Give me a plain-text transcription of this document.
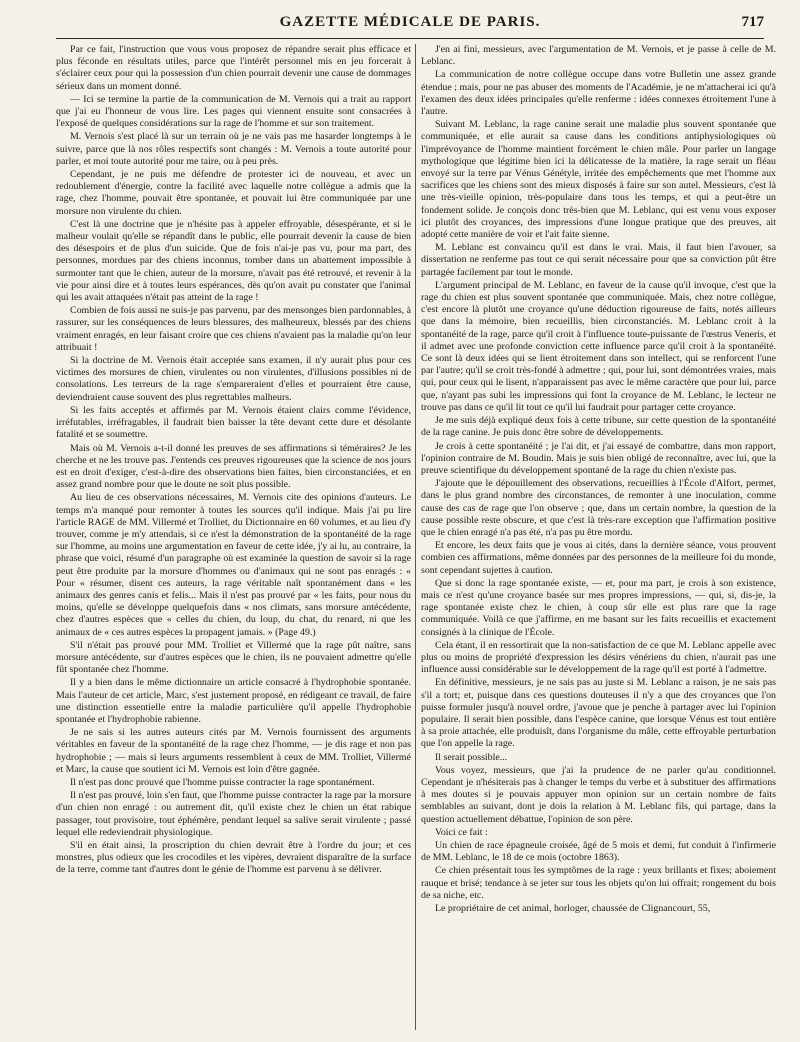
GAZETTE MÉDICALE DE PARIS.	717

Par ce fait, l'instruction que vous vous proposez de répandre serait plus efficace et plus féconde en résultats utiles, parce que l'intérêt personnel mis en jeu forcerait à s'éclairer ceux pour qui la possession d'un chien pourrait devenir une cause de dommages sérieux dans un moment donné.

— Ici se termine la partie de la communication de M. Vernois qui a trait au rapport que j'ai eu l'honneur de vous lire. Les pages qui viennent ensuite sont consacrées à l'exposé de quelques considérations sur la rage de l'homme et sur son traitement.

M. Vernois s'est placé là sur un terrain où je ne vais pas me hasarder longtemps à le suivre, parce que là nos rôles respectifs sont changés : M. Vernois a toute autorité pour parler, et moi toute autorité pour me taire, ou à peu près.

Cependant, je ne puis me défendre de protester ici de nouveau, et avec un redoublement d'énergie, contre la facilité avec laquelle notre collègue a admis que la rage, chez l'homme, pouvait être spontanée, et pouvait lui être communiquée par une morsure non virulente du chien.

C'est là une doctrine que je n'hésite pas à appeler effroyable, désespérante, et si le malheur voulait qu'elle se répandît dans le public, elle pourrait devenir la cause de bien des désespoirs et de plus d'un suicide. Que de fois n'ai-je pas vu, pour ma part, des personnes, mordues par des chiens inconnus, tomber dans un abattement impossible à surmonter tant que le chien, auteur de la morsure, n'avait pas été retrouvé, et revenir à la vie pour ainsi dire et à toutes leurs espérances, dès qu'on avait pu constater que l'animal qui les avait attaquées n'était pas atteint de la rage !

Combien de fois aussi ne suis-je pas parvenu, par des mensonges bien pardonnables, à rassurer, sur les conséquences de leurs blessures, des malheureux, blessés par des chiens vraiment enragés, en leur faisant croire que ces chiens n'avaient pas la maladie qu'on leur attribuait !

Si la doctrine de M. Vernois était acceptée sans examen, il n'y aurait plus pour ces victimes des morsures de chien, virulentes ou non virulentes, d'illusions possibles ni de consolations. Les terreurs de la rage s'empareraient d'elles et pourraient être cause, deviendraient cause souvent des plus regrettables malheurs.

Si les faits acceptés et affirmés par M. Vernois étaient clairs comme l'évidence, irréfutables, irréfragables, il faudrait bien baisser la tête devant cette dure et désolante fatalité et se soumettre.

Mais où M. Vernois a-t-il donné les preuves de ses affirmations si téméraires? Je les cherche et ne les trouve pas. J'entends ces preuves rigoureuses que la science de nos jours est en droit d'exiger, c'est-à-dire des observations bien faites, bien circonstanciées, et en assez grand nombre pour que le doute ne soit plus possible.

Au lieu de ces observations nécessaires, M. Vernois cite des opinions d'auteurs. Le temps m'a manqué pour remonter à toutes les sources qu'il indique. Mais j'ai pu lire l'article RAGE de MM. Villermé et Trolliet, du Dictionnaire en 60 volumes, et au lieu d'y trouver, comme je m'y attendais, si ce n'est la démonstration de la spontanéité de la rage sur l'homme, au moins une argumentation en faveur de cette idée, j'y ai lu, au contraire, la phrase que voici, résumé d'un paragraphe où est examinée la question de savoir si la rage peut être produite par la morsure d'hommes ou d'animaux qui ne sont pas enragés : « Pour « résumer, disent ces auteurs, la rage véritable naît spontanément dans « les animaux des genres canis et felis... Mais il n'est pas prouvé par « les faits, pour nous du moins, qu'elle se développe quelquefois dans « nos climats, sans morsure antécédente, chez d'autres espèces que « celles du chien, du loup, du chat, du renard, ni que les animaux de « ces autres espèces la propagent jamais. » (Page 49.)

S'il n'était pas prouvé pour MM. Trolliet et Villermé que la rage pût naître, sans morsure antécédente, sur d'autres espèces que le chien, ils ne pouvaient admettre qu'elle fût spontanée chez l'homme.

Il y a bien dans le même dictionnaire un article consacré à l'hydrophobie spontanée. Mais l'auteur de cet article, Marc, s'est justement proposé, en rédigeant ce travail, de faire une distinction essentielle entre la maladie particulière qu'il appelle l'hydrophobie spontanée et l'hydrophobie rabienne.

Je ne sais si les autres auteurs cités par M. Vernois fournissent des arguments véritables en faveur de la spontanéité de la rage chez l'homme, — je dis rage et non pas hydrophobie ; — mais si leurs arguments ressemblent à ceux de MM. Trolliet, Villermé et Marc, la cause que soutient ici M. Vernois est loin d'être gagnée.

Il n'est pas donc prouvé que l'homme puisse contracter la rage spontanément.

Il n'est pas prouvé, loin s'en faut, que l'homme puisse contracter la rage par la morsure d'un chien non enragé : ou autrement dit, qu'il existe chez le chien un état rabique passager, tout provisoire, tout éphémère, pendant lequel sa salive serait virulente ; passé lequel elle redeviendrait physiologique.

S'il en était ainsi, la proscription du chien devrait être à l'ordre du jour; et ces monstres, plus odieux que les crocodiles et les vipères, devraient disparaître de la surface de la terre, comme tant d'autres dont le génie de l'homme est parvenu à se délivrer.

J'en ai fini, messieurs, avec l'argumentation de M. Vernois, et je passe à celle de M. Leblanc.

La communication de notre collègue occupe dans votre Bulletin une assez grande étendue ; mais, pour ne pas abuser des moments de l'Académie, je ne m'attacherai ici qu'à l'examen des deux idées principales qu'elle renferme : idées connexes étroitement l'une à l'autre.

Suivant M. Leblanc, la rage canine serait une maladie plus souvent spontanée que communiquée, et elle aurait sa cause dans les conditions antiphysiologiques où l'imprévoyance de l'homme maintient forcément le chien mâle. Pour parler un langage mythologique que légitime bien ici la délicatesse de la matière, la rage serait un fléau envoyé sur la terre par Vénus Génétyle, irritée des empêchements que met l'homme aux sacrifices que les chiens sont des mieux disposés à faire sur son autel. Messieurs, c'est là une très-vieille opinion, très-populaire dans tous les temps, et qui a peut-être un fondement solide. Je conçois donc très-bien que M. Leblanc, qui est venu vous exposer ici plutôt des croyances, des impressions d'une longue pratique que des preuves, ait adopté cette manière de voir et l'ait faite sienne.

M. Leblanc est convaincu qu'il est dans le vrai. Mais, il faut bien l'avouer, sa dissertation ne renferme pas tout ce qui serait nécessaire pour que sa conviction pût être partagée facilement par tout le monde.

L'argument principal de M. Leblanc, en faveur de la cause qu'il invoque, c'est que la rage du chien est plus souvent spontanée que communiquée. Mais, chez notre collègue, c'est encore là plutôt une croyance qu'une déduction rigoureuse de faits, notés ailleurs que dans la mémoire, bien recueillis, bien circonstanciés. M. Leblanc croit à la spontanéité de la rage, parce qu'il croit à l'influence toute-puissante de l'œstrus Veneris, et il admet avec une profonde conviction cette influence parce qu'il croit à la spontanéité. Ce sont là deux idées qui se lient étroitement dans son intellect, qui se renforcent l'une par l'autre; qu'il se croit très-fondé à admettre ; qui, pour lui, sont démontrées vraies, mais qui, pour ceux qui le lisent, n'apparaissent pas avec le même caractère que pour lui, parce que, n'ayant pas subi les impressions qui font la croyance de M. Leblanc, le lecteur ne trouve pas dans ce qu'il lit tout ce qu'il lui faudrait pour partager cette croyance.

Je me suis déjà expliqué deux fois à cette tribune, sur cette question de la spontanéité de la rage canine. Je puis donc être sobre de développements.

Je crois à cette spontanéité ; je l'ai dit, et j'ai essayé de combattre, dans mon rapport, l'opinion contraire de M. Boudin. Mais je suis bien obligé de reconnaître, avec lui, que la preuve scientifique du développement spontané de la rage du chien n'existe pas.

J'ajoute que le dépouillement des observations, recueillies à l'École d'Alfort, permet, dans le plus grand nombre des circonstances, de remonter à une inoculation, comme cause des cas de rage que l'on observe ; que, dans un certain nombre, la question de la cause possible reste obscure, et que c'est là très-rare exception que l'affirmation positive que le chien enragé n'a pas été, n'a pas pu être mordu.

Et encore, les deux faits que je vous ai cités, dans la dernière séance, vous prouvent combien ces affirmations, même données par des personnes de la meilleure foi du monde, sont cependant sujettes à caution.

Que si donc la rage spontanée existe, — et, pour ma part, je crois à son existence, mais ce n'est qu'une croyance basée sur mes propres impressions, — qui, si, dis-je, la rage spontanée existe chez le chien, à coup sûr elle est plus rare que la rage communiquée. Voilà ce que j'affirme, en me basant sur les faits recueillis et exactement consignés à la clinique de l'École.

Cela étant, il en ressortirait que la non-satisfaction de ce que M. Leblanc appelle avec plus ou moins de propriété d'expression les désirs vénériens du chien, n'aurait pas une influence aussi considérable sur le développement de la rage qu'il est porté à l'admettre.

En définitive, messieurs, je ne sais pas au juste si M. Leblanc a raison, je ne sais pas s'il a tort; et, puisque dans ces questions douteuses il n'y a que des croyances que l'on puisse formuler jusqu'à nouvel ordre, j'avoue que je penche à partager avec lui l'opinion populaire. Il serait bien possible, dans l'espèce canine, que lorsque Vénus est tout entière à sa proie attachée, elle produisît, dans l'organisme du mâle, cette effroyable perturbation que l'on appelle la rage.

Il serait possible...

Vous voyez, messieurs, que j'ai la prudence de ne parler qu'au conditionnel. Cependant je n'hésiterais pas à changer le temps du verbe et à substituer des affirmations à mes doutes si je pouvais appuyer mon opinion sur un certain nombre de faits semblables au suivant, dont je dois la relation à M. Leblanc fils, qui partage, dans la question actuellement débattue, l'opinion de son père.

Voici ce fait :

Un chien de race épagneule croisée, âgé de 5 mois et demi, fut conduit à l'infirmerie de MM. Leblanc, le 18 de ce mois (octobre 1863).

Ce chien présentait tous les symptômes de la rage : yeux brillants et fixes; aboiement rauque et brisé; tendance à se jeter sur tous les objets qu'on lui offrait; rongement du bois de sa niche, etc.

Le propriétaire de cet animal, horloger, chaussée de Clignancourt, 55,
